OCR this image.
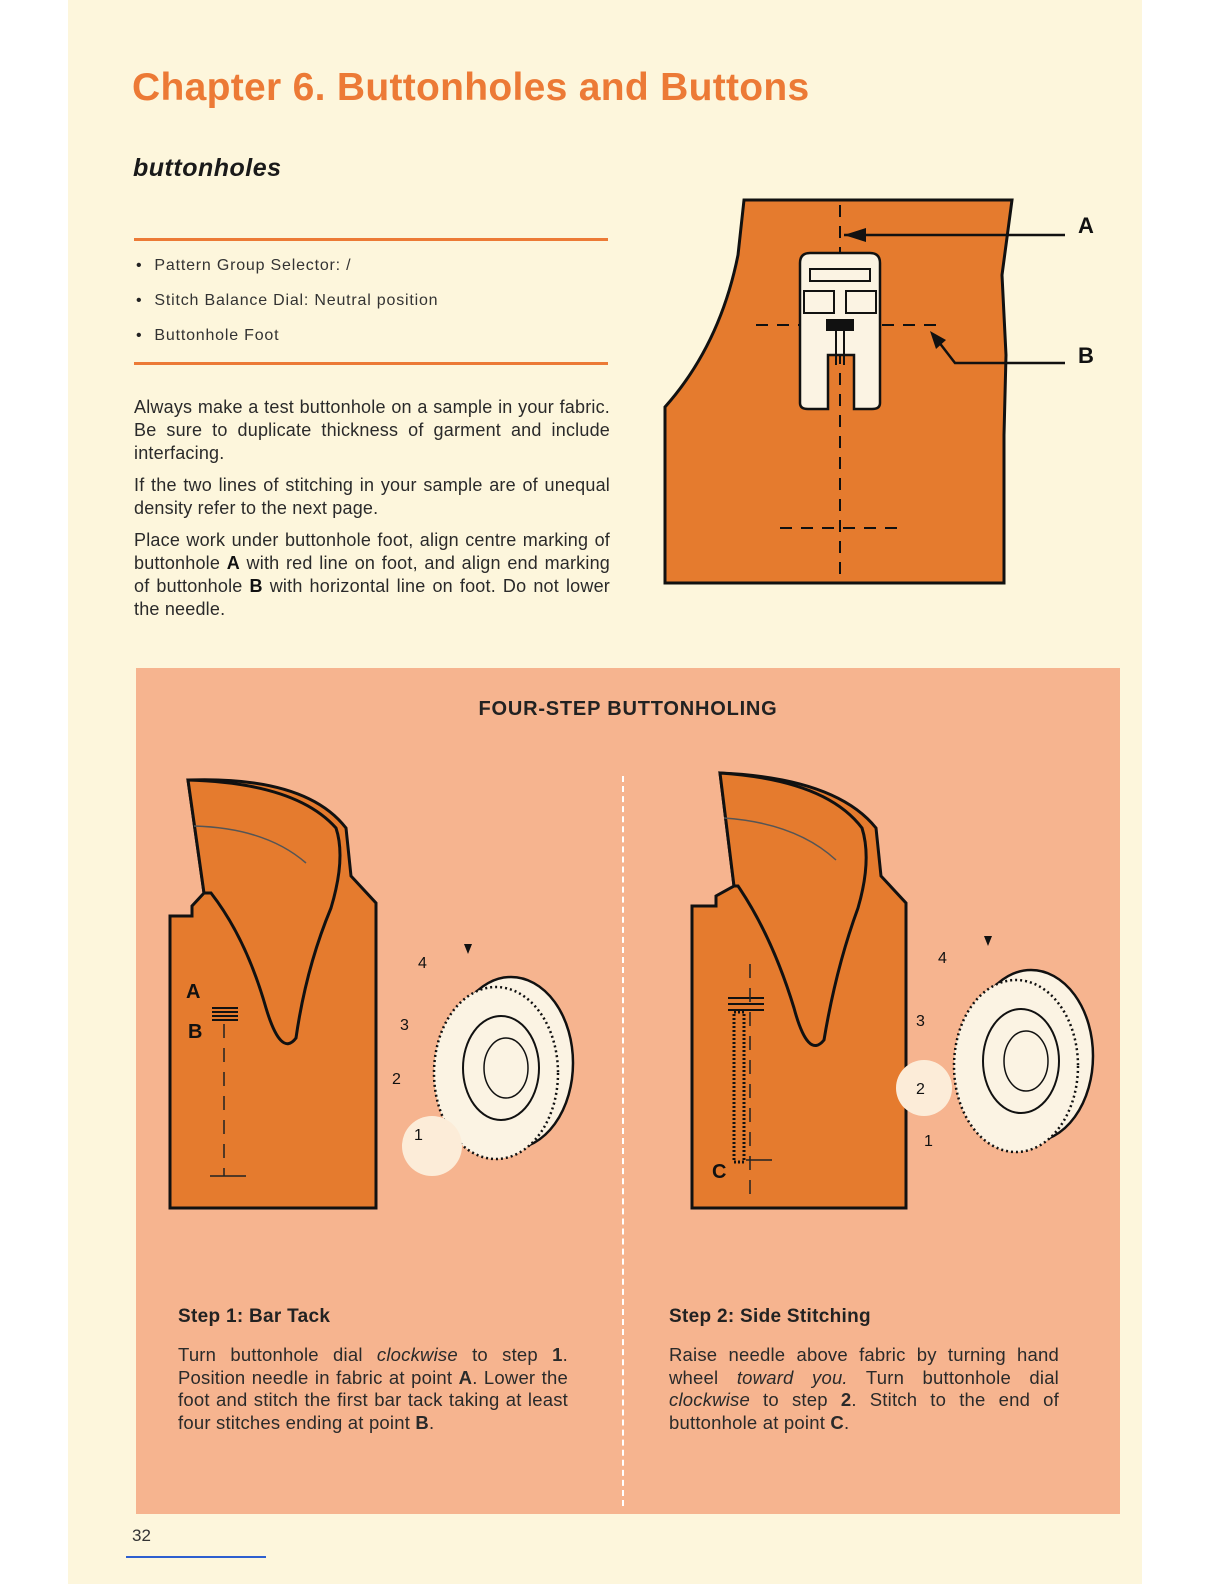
Chapter 6. Buttonholes and Buttons
buttonholes
• Pattern Group Selector: /
• Stitch Balance Dial: Neutral position
• Buttonhole Foot

Always make a test buttonhole on a sample in your fabric. Be sure to duplicate thickness of garment and include interfacing.

If the two lines of stitching in your sample are of unequal density refer to the next page.

Place work under buttonhole foot, align centre marking of buttonhole A with red line on foot, and align end marking of buttonhole B with horizontal line on foot. Do not lower the needle.

A
B
FOUR-STEP BUTTONHOLING
A
B
4
3
2
1
C
4
3
2
1
Step 1: Bar Tack

Turn buttonhole dial clockwise to step 1. Position needle in fabric at point A. Lower the foot and stitch the first bar tack taking at least four stitches ending at point B.

Step 2: Side Stitching

Raise needle above fabric by turning hand wheel toward you. Turn buttonhole dial clockwise to step 2. Stitch to the end of buttonhole at point C.

32
